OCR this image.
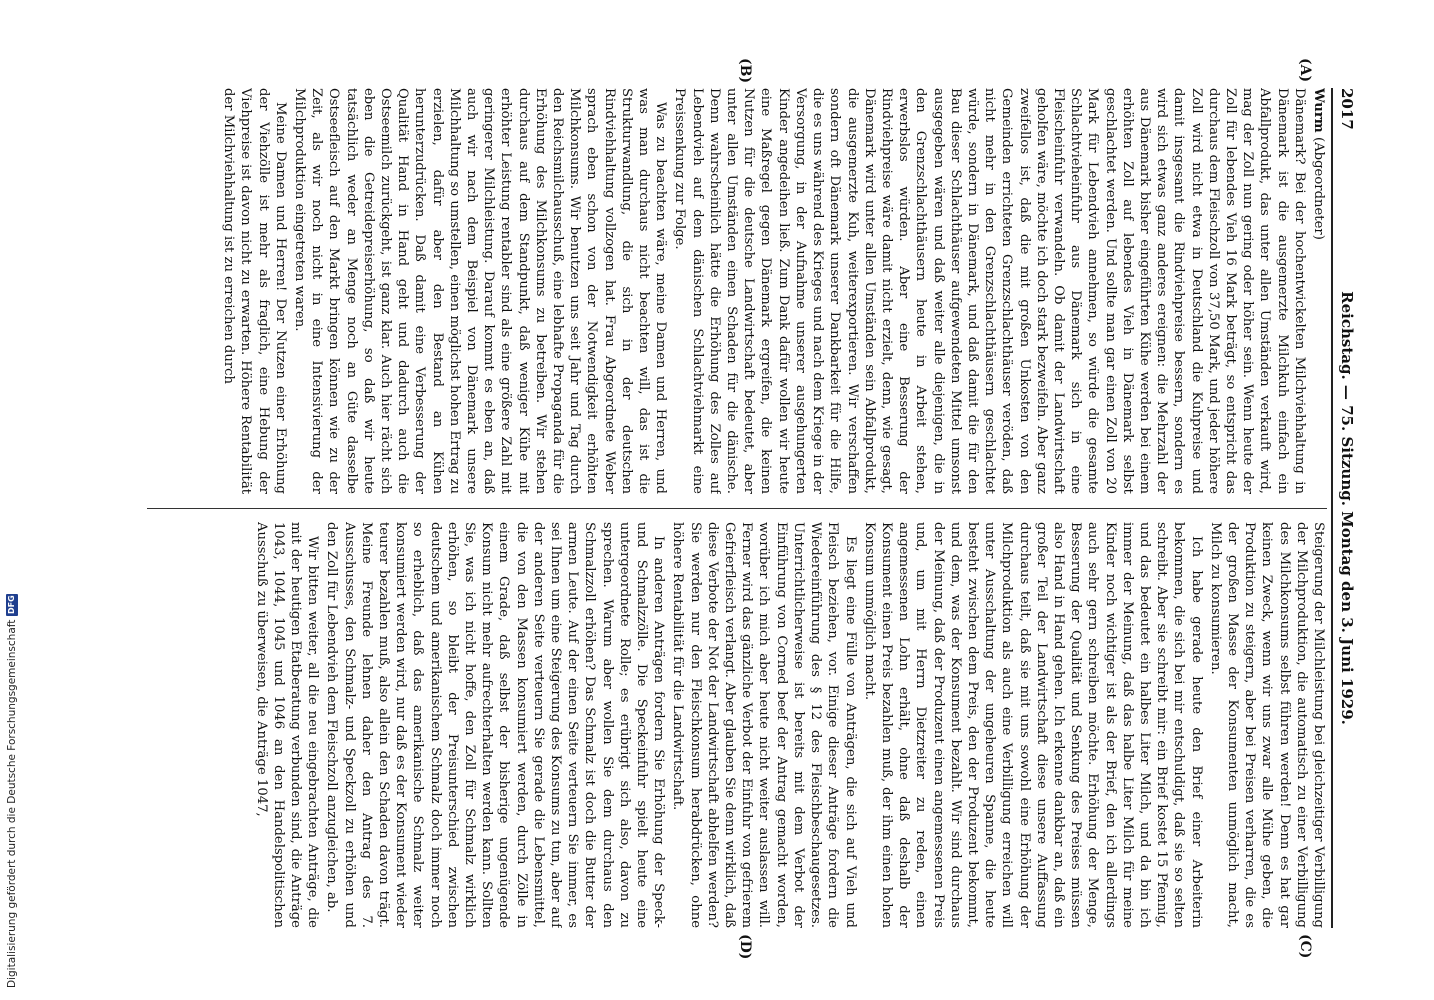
2017
Reichstag. — 75. Sitzung. Montag den 3. Juni 1929.
(A)
(B)
(C)
(D)

Wurm (Abgeordneter)

Dänemark? Bei der hochentwickelten Milchviehhaltung in Dänemark ist die ausgemerzte Milchkuh einfach ein Abfallprodukt, das unter allen Umständen verkauft wird, mag der Zoll nun gering oder höher sein. Wenn heute der Zoll für lebendes Vieh 16 Mark beträgt, so entspricht das durchaus dem Fleischzoll von 37,50 Mark, und jeder höhere Zoll wird nicht etwa in Deutschland die Kuhpreise und damit insgesamt die Rindviehpreise bessern, sondern es wird sich etwas ganz anderes ereignen: die Mehrzahl der aus Dänemark bisher eingeführten Kühe werden bei einem erhöhten Zoll auf lebendes Vieh in Dänemark selbst geschlachtet werden. Und sollte man gar einen Zoll von 20 Mark für Lebendvieh annehmen, so würde die gesamte Schlachtvieheinfuhr aus Dänemark sich in eine Fleischeinfuhr verwandeln. Ob damit der Landwirtschaft geholfen wäre, möchte ich doch stark bezweifeln. Aber ganz zweifellos ist, daß die mit großen Unkosten von den Gemeinden errichteten Grenzschlachthäuser veröden, daß nicht mehr in den Grenzschlachthäusern geschlachtet würde, sondern in Dänemark, und daß damit die für den Bau dieser Schlachthäuser aufgewendeten Mittel umsonst ausgegeben wären und daß weiter alle diejenigen, die in den Grenzschlachthäusern heute in Arbeit stehen, erwerbslos würden. Aber eine Besserung der Rindviehpreise wäre damit nicht erzielt, denn, wie gesagt, Dänemark wird unter allen Umständen sein Abfallprodukt, die ausgemerzte Kuh, weiterexportieren. Wir verschaffen sondern oft Dänemark unserer Dankbarkeit für die Hilfe, die es uns während des Krieges und nach dem Kriege in der Versorgung, in der Aufnahme unserer ausgehungerten Kinder angedeihen ließ. Zum Dank dafür wollen wir heute eine Maßregel gegen Dänemark ergreifen, die keinen Nutzen für die deutsche Landwirtschaft bedeutet, aber unter allen Umständen einen Schaden für die dänische. Denn wahrscheinlich hätte die Erhöhung des Zolles auf Lebendvieh auf dem dänischen Schlachtviehmarkt eine Preissenkung zur Folge.

Was zu beachten wäre, meine Damen und Herren, und was man durchaus nicht beachten will, das ist die Strukturwandlung, die sich in der deutschen Rindviehhaltung vollzogen hat. Frau Abgeordnete Weber sprach eben schon von der Notwendigkeit erhöhten Milchkonsums. Wir benutzen uns seit Jahr und Tag durch den Reichsmilchausschuß, eine lebhafte Propaganda für die Erhöhung des Milchkonsums zu betreiben. Wir stehen durchaus auf dem Standpunkt, daß weniger Kühe mit erhöhter Leistung rentabler sind als eine größere Zahl mit geringerer Milchleistung. Darauf kommt es eben an, daß auch wir nach dem Beispiel von Dänemark unsere Milchhaltung so umstellen, einen möglichst hohen Ertrag zu erzielen, dafür aber den Bestand an Kühen herunterzudrücken. Daß damit eine Verbesserung der Qualität Hand in Hand geht und dadurch auch die Ostseemilch zurückgeht, ist ganz klar. Auch hier rächt sich eben die Getreidepreiserhöhung, so daß wir heute tatsächlich weder an Menge noch an Güte dasselbe Ostseefleisch auf den Markt bringen können wie zu der Zeit, als wir noch nicht in eine Intensivierung der Milchproduktion eingetreten waren.

Meine Damen und Herren! Der Nutzen einer Erhöhung der Viehzölle ist mehr als fraglich, eine Hebung der Viehpreise ist davon nicht zu erwarten. Höhere Rentabilität der Milchviehhaltung ist zu erreichen durch

Steigerung der Milchleistung bei gleichzeitiger Verbilligung der Milchproduktion, die automatisch zu einer Verbilligung des Milchkonsums selbst führen werden! Denn es hat gar keinen Zweck, wenn wir uns zwar alle Mühe geben, die Produktion zu steigern, aber bei Preisen verharren, die es der großen Masse der Konsumenten unmöglich macht, Milch zu konsumieren.

Ich habe gerade heute den Brief einer Arbeiterin bekommen, die sich bei mir entschuldigt, daß sie so selten schreibt. Aber sie schreibt mir: ein Brief kostet 15 Pfennig, und das bedeutet ein halbes Liter Milch, und da bin ich immer der Meinung, daß das halbe Liter Milch für meine Kinder noch wichtiger ist als der Brief, den ich allerdings auch sehr gern schreiben möchte. Erhöhung der Menge, Besserung der Qualität und Senkung des Preises müssen also Hand in Hand gehen. Ich erkenne dankbar an, daß ein großer Teil der Landwirtschaft diese unsere Auffassung durchaus teilt, daß sie mit uns sowohl eine Erhöhung der Milchproduktion als auch eine Verbilligung erreichen will unter Ausschaltung der ungeheuren Spanne, die heute besteht zwischen dem Preis, den der Produzent bekommt, und dem, was der Konsument bezahlt. Wir sind durchaus der Meinung, daß der Produzent einen angemessenen Preis und, um mit Herrn Dietzreiter zu reden, einen angemessenen Lohn erhält, ohne daß deshalb der Konsument einen Preis bezahlen muß, der ihm einen hohen Konsum unmöglich macht.

Es liegt eine Fülle von Anträgen, die sich auf Vieh und Fleisch beziehen, vor. Einige dieser Anträge fordern die Wiedereinführung des § 12 des Fleischbeschaugesetzes. Unterrichtlicherweise ist bereits mit dem Verbot der Einführung von Corned beef der Antrag gemacht worden, worüber ich mich aber heute nicht weiter auslassen will. Ferner wird das gänzliche Verbot der Einfuhr von gefrierem Gefrierfleisch verlangt. Aber glauben Sie denn wirklich, daß diese Verbote der Not der Landwirtschaft abhelfen werden? Sie werden nur den Fleischkonsum herabdrücken, ohne höhere Rentabilität für die Landwirtschaft.

In anderen Anträgen fordern Sie Erhöhung der Speck- und Schmalzzölle. Die Speckeinfuhr spielt heute eine untergeordnete Rolle; es erübrigt sich also, davon zu sprechen. Warum aber wollen Sie dem durchaus den Schmalzzoll erhöhen? Das Schmalz ist doch die Butter der armen Leute. Auf der einen Seite verteuern Sie immer, es sei Ihnen um eine Steigerung des Konsums zu tun, aber auf der anderen Seite verteuern Sie gerade die Lebensmittel, die von den Massen konsumiert werden, durch Zölle in einem Grade, daß selbst der bisherige ungenügende Konsum nicht mehr aufrechterhalten werden kann. Sollten Sie, was ich nicht hoffe, den Zoll für Schmalz wirklich erhöhen, so bleibt der Preisunterschied zwischen deutschem und amerikanischem Schmalz doch immer noch so erheblich, daß das amerikanische Schmalz weiter konsumiert werden wird, nur daß es der Konsument wieder teurer bezahlen muß, also allein den Schaden davon trägt. Meine Freunde lehnen daher den Antrag des 7. Ausschusses, den Schmalz- und Speckzoll zu erhöhen und den Zoll für Lebendvieh dem Fleischzoll anzugleichen, ab.

Wir bitten weiter, all die neu eingebrachten Anträge, die mit der heutigen Etatberatung verbunden sind, die Anträge 1043, 1044, 1045 und 1046 an den Handelspolitischen Ausschuß zu überweisen, die Anträge 1047,

Digitalisierung gefördert durch die Deutsche Forschungsgemeinschaft
DFG
